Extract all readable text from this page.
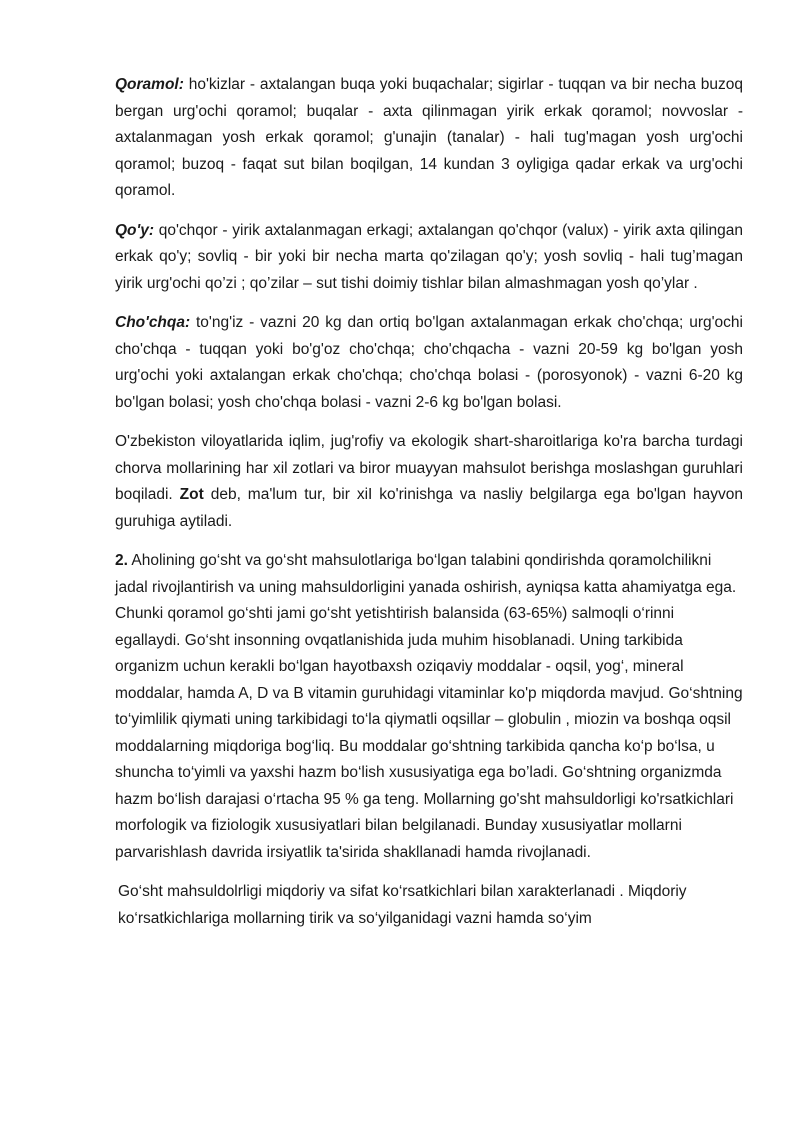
Qoramol: ho'kizlar - axtalangan buqa yoki buqachalar; sigirlar - tuqqan va bir necha buzoq bergan urg'ochi qoramol; buqalar - axta qilinmagan yirik erkak qoramol; novvoslar - axtalanmagan yosh erkak qoramol; g'unajin (tanalar) - hali tug'magan yosh urg'ochi qoramol; buzoq - faqat sut bilan boqilgan, 14 kundan 3 oyligiga qadar erkak va urg'ochi qoramol.

Qo'y: qo'chqor - yirik axtalanmagan erkagi; axtalangan qo'chqor (valux) - yirik axta qilingan erkak qo'y; sovliq - bir yoki bir necha marta qo'zilagan qo'y; yosh sovliq - hali tug’magan yirik urg'ochi qo’zi ; qo’zilar – sut tishi doimiy tishlar bilan almashmagan yosh qo’ylar .

Cho'chqa: to'ng'iz - vazni 20 kg dan ortiq bo'lgan axtalanmagan erkak cho'chqa; urg'ochi cho'chqa - tuqqan yoki bo'g'oz cho'chqa; cho'chqacha - vazni 20-59 kg bo'lgan yosh urg'ochi yoki axtalangan erkak cho'chqa; cho'chqa bolasi - (porosyonok) - vazni 6-20 kg bo'lgan bolasi; yosh cho'chqa bolasi - vazni 2-6 kg bo'lgan bolasi.

O'zbekiston viloyatlarida iqlim, jug'rofiy va ekologik shart-sharoitlariga ko'ra barcha turdagi chorva mollarining har xil zotlari va biror muayyan mahsulot berishga moslashgan guruhlari boqiladi. Zot deb, ma'lum tur, bir xiI ko'rinishga va nasliy belgilarga ega bo'lgan hayvon guruhiga aytiladi.

2. Aholining go‘sht va go‘sht mahsulotlariga bo‘lgan talabini qondirishda qoramolchilikni jadal rivojlantirish va uning mahsuldorligini yanada oshirish, ayniqsa katta ahamiyatga ega. Chunki qoramol go‘shti jami go‘sht yetishtirish balansida (63-65%) salmoqli o‘rinni egallaydi. Go‘sht insonning ovqatlanishida juda muhim hisoblanadi. Uning tarkibida organizm uchun kerakli bo‘lgan hayotbaxsh oziqaviy moddalar - oqsil, yog‘, mineral moddalar, hamda A, D va B vitamin guruhidagi vitaminlar ko'p miqdorda mavjud. Go‘shtning to‘yimlilik qiymati uning tarkibidagi to‘la qiymatli oqsillar – globulin , miozin va boshqa oqsil moddalarning miqdoriga bog‘liq. Bu moddalar go‘shtning tarkibida qancha ko‘p bo‘lsa, u shuncha to‘yimli va yaxshi hazm bo‘lish xususiyatiga ega bo’ladi. Go‘shtning organizmda hazm bo‘lish darajasi o‘rtacha 95 % ga teng. Mollarning go'sht mahsuldorligi ko'rsatkichlari morfologik va fiziologik xususiyatlari bilan belgilanadi. Bunday xususiyatlar mollarni parvarishlash davrida irsiyatlik ta'sirida shakllanadi hamda rivojlanadi.

Go‘sht mahsuldolrligi miqdoriy va sifat ko‘rsatkichlari bilan xarakterlanadi . Miqdoriy ko‘rsatkichlariga mollarning tirik va so‘yilganidagi vazni hamda so‘yim
